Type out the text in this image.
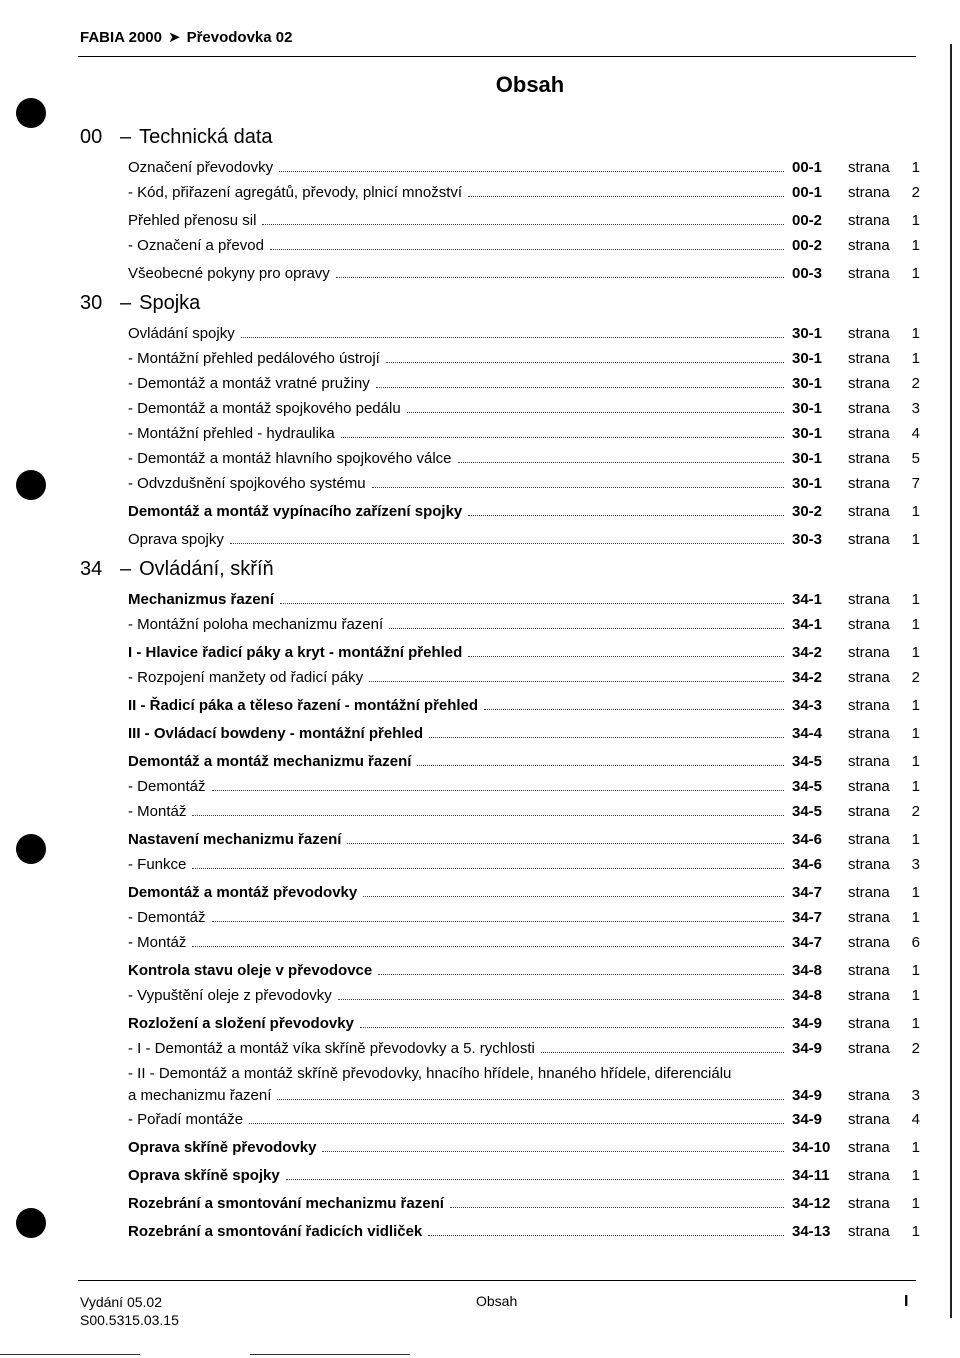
FABIA 2000 ➤ Převodovka 02
Obsah
00 – Technická data
Označení převodovky	00-1	strana	1
- Kód, přiřazení agregátů, převody, plnicí množství	00-1	strana	2
Přehled přenosu sil	00-2	strana	1
- Označení a převod	00-2	strana	1
Všeobecné pokyny pro opravy	00-3	strana	1
30 – Spojka
Ovládání spojky	30-1	strana	1
- Montážní přehled pedálového ústrojí	30-1	strana	1
- Demontáž a montáž vratné pružiny	30-1	strana	2
- Demontáž a montáž spojkového pedálu	30-1	strana	3
- Montážní přehled - hydraulika	30-1	strana	4
- Demontáž a montáž hlavního spojkového válce	30-1	strana	5
- Odvzdušnění spojkového systému	30-1	strana	7
Demontáž a montáž vypínacího zařízení spojky	30-2	strana	1
Oprava spojky	30-3	strana	1
34 – Ovládání, skříň
Mechanizmus řazení	34-1	strana	1
- Montážní poloha mechanizmu řazení	34-1	strana	1
I - Hlavice řadicí páky a kryt - montážní přehled	34-2	strana	1
- Rozpojení manžety od řadicí páky	34-2	strana	2
II - Řadicí páka a těleso řazení - montážní přehled	34-3	strana	1
III - Ovládací bowdeny - montážní přehled	34-4	strana	1
Demontáž a montáž mechanizmu řazení	34-5	strana	1
- Demontáž	34-5	strana	1
- Montáž	34-5	strana	2
Nastavení mechanizmu řazení	34-6	strana	1
- Funkce	34-6	strana	3
Demontáž a montáž převodovky	34-7	strana	1
- Demontáž	34-7	strana	1
- Montáž	34-7	strana	6
Kontrola stavu oleje v převodovce	34-8	strana	1
- Vypuštění oleje z převodovky	34-8	strana	1
Rozložení a složení převodovky	34-9	strana	1
- I - Demontáž a montáž víka skříně převodovky a 5. rychlosti	34-9	strana	2
- II - Demontáž a montáž skříně převodovky, hnacího hřídele, hnaného hřídele, diferenciálu
a mechanizmu řazení	34-9	strana	3
- Pořadí montáže	34-9	strana	4
Oprava skříně převodovky	34-10	strana	1
Oprava skříně spojky	34-11	strana	1
Rozebrání a smontování mechanizmu řazení	34-12	strana	1
Rozebrání a smontování řadicích vidliček	34-13	strana	1
Vydání 05.02
S00.5315.03.15
Obsah	I
